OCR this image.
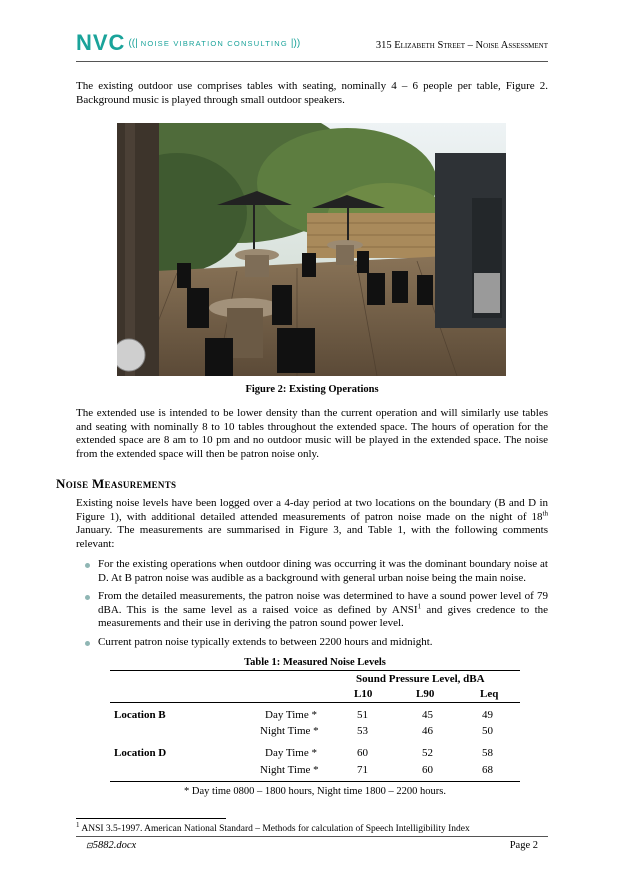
NVC ((| NOISE VIBRATION CONSULTING |))	315 Elizabeth Street – Noise Assessment
The existing outdoor use comprises tables with seating, nominally 4 – 6 people per table, Figure 2. Background music is played through small outdoor speakers.
Figure 2: Existing Operations
The extended use is intended to be lower density than the current operation and will similarly use tables and seating with nominally 8 to 10 tables throughout the extended space. The hours of operation for the extended space are 8 am to 10 pm and no outdoor music will be played in the extended space. The noise from the extended space will then be patron noise only.
Noise Measurements
Existing noise levels have been logged over a 4-day period at two locations on the boundary (B and D in Figure 1), with additional detailed attended measurements of patron noise made on the night of 18th January. The measurements are summarised in Figure 3, and Table 1, with the following comments relevant:
For the existing operations when outdoor dining was occurring it was the dominant boundary noise at D. At B patron noise was audible as a background with general urban noise being the main noise.
From the detailed measurements, the patron noise was determined to have a sound power level of 79 dBA. This is the same level as a raised voice as defined by ANSI$^1$ and gives credence to the measurements and their use in deriving the patron sound power level.
Current patron noise typically extends to between 2200 hours and midnight.
Table 1: Measured Noise Levels
Sound Pressure Level, dBA
L10	L90	Leq
Location B	Day Time *	51	45	49
Night Time *	53	46	50
Location D	Day Time *	60	52	58
Night Time *	71	60	68
* Day time 0800 – 1800 hours, Night time 1800 – 2200 hours.
$^1$ ANSI 3.5-1997. American National Standard – Methods for calculation of Speech Intelligibility Index
⊡5882.docx	Page 2
